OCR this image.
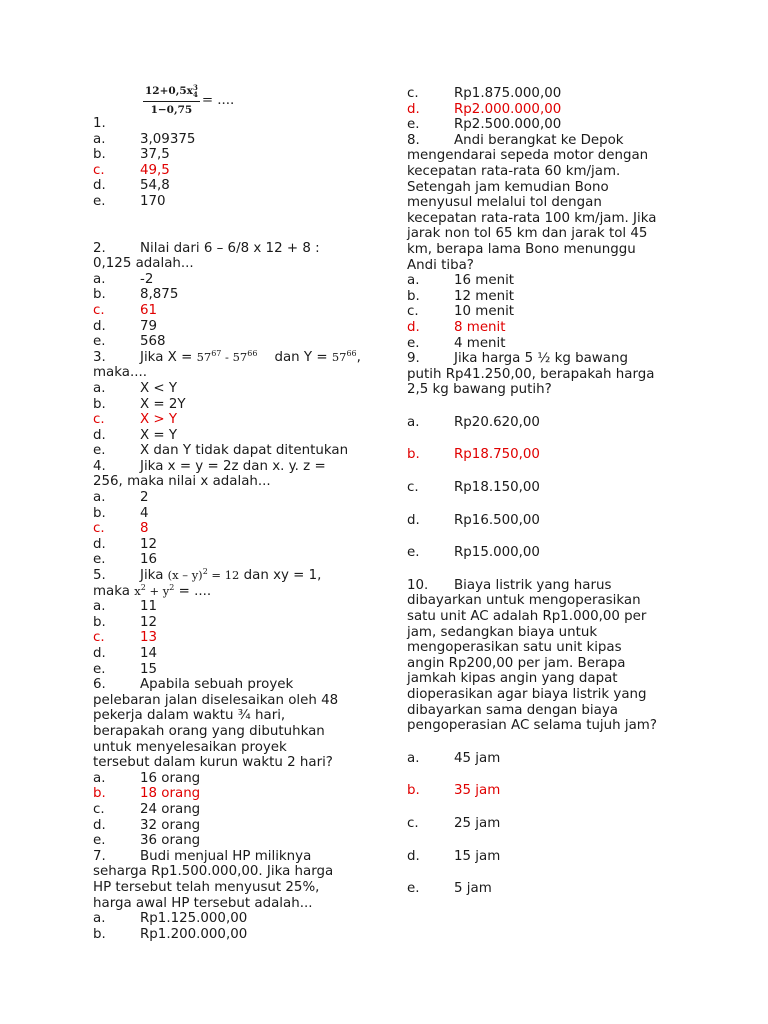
12+0,5x 3
4
1−0,75 = ....
1.
a.	3,09375
b.	37,5
c.	49,5
d.	54,8
e.	170
2.	Nilai dari 6 – 6/8 x 12 + 8 :
0,125 adalah...
a.	-2
b.	8,875
c.	61
d.	79
e.	568
3.	Jika $X = 57^{67} - 57^{66}$ dan $Y = 57^{66}$,
maka....
a.	X < Y
b.	X = 2Y
c.	X > Y
d.	X = Y
e.	X dan Y tidak dapat ditentukan
4.	Jika x = y = 2z dan x. y. z =
256, maka nilai x adalah...
a.	2
b.	4
c.	8
d.	12
e.	16
5.	Jika (x – y)$^2$ = 12 dan xy = 1,
maka $x^2 + y^2$ = ....
a.	11
b.	12
c.	13
d.	14
e.	15
6.	Apabila sebuah proyek
pelebaran jalan diselesaikan oleh 48
pekerja dalam waktu ¾ hari,
berapakah orang yang dibutuhkan
untuk menyelesaikan proyek
tersebut dalam kurun waktu 2 hari?
a.	16 orang
b.	18 orang
c.	24 orang
d.	32 orang
e.	36 orang
7.	Budi menjual HP miliknya
seharga Rp1.500.000,00. Jika harga
HP tersebut telah menyusut 25%,
harga awal HP tersebut adalah...
a.	Rp1.125.000,00
b.	Rp1.200.000,00
c.	Rp1.875.000,00
d.	Rp2.000.000,00
e.	Rp2.500.000,00
8.	Andi berangkat ke Depok
mengendarai sepeda motor dengan
kecepatan rata-rata 60 km/jam.
Setengah jam kemudian Bono
menyusul melalui tol dengan
kecepatan rata-rata 100 km/jam. Jika
jarak non tol 65 km dan jarak tol 45
km, berapa lama Bono menunggu
Andi tiba?
a.	16 menit
b.	12 menit
c.	10 menit
d.	8 menit
e.	4 menit
9.	Jika harga 5 ½ kg bawang
putih Rp41.250,00, berapakah harga
2,5 kg bawang putih?
a.	Rp20.620,00
b.	Rp18.750,00
c.	Rp18.150,00
d.	Rp16.500,00
e.	Rp15.000,00
10.	Biaya listrik yang harus
dibayarkan untuk mengoperasikan
satu unit AC adalah Rp1.000,00 per
jam, sedangkan biaya untuk
mengoperasikan satu unit kipas
angin Rp200,00 per jam. Berapa
jamkah kipas angin yang dapat
dioperasikan agar biaya listrik yang
dibayarkan sama dengan biaya
pengoperasian AC selama tujuh jam?
a.	45 jam
b.	35 jam
c.	25 jam
d.	15 jam
e.	5 jam
